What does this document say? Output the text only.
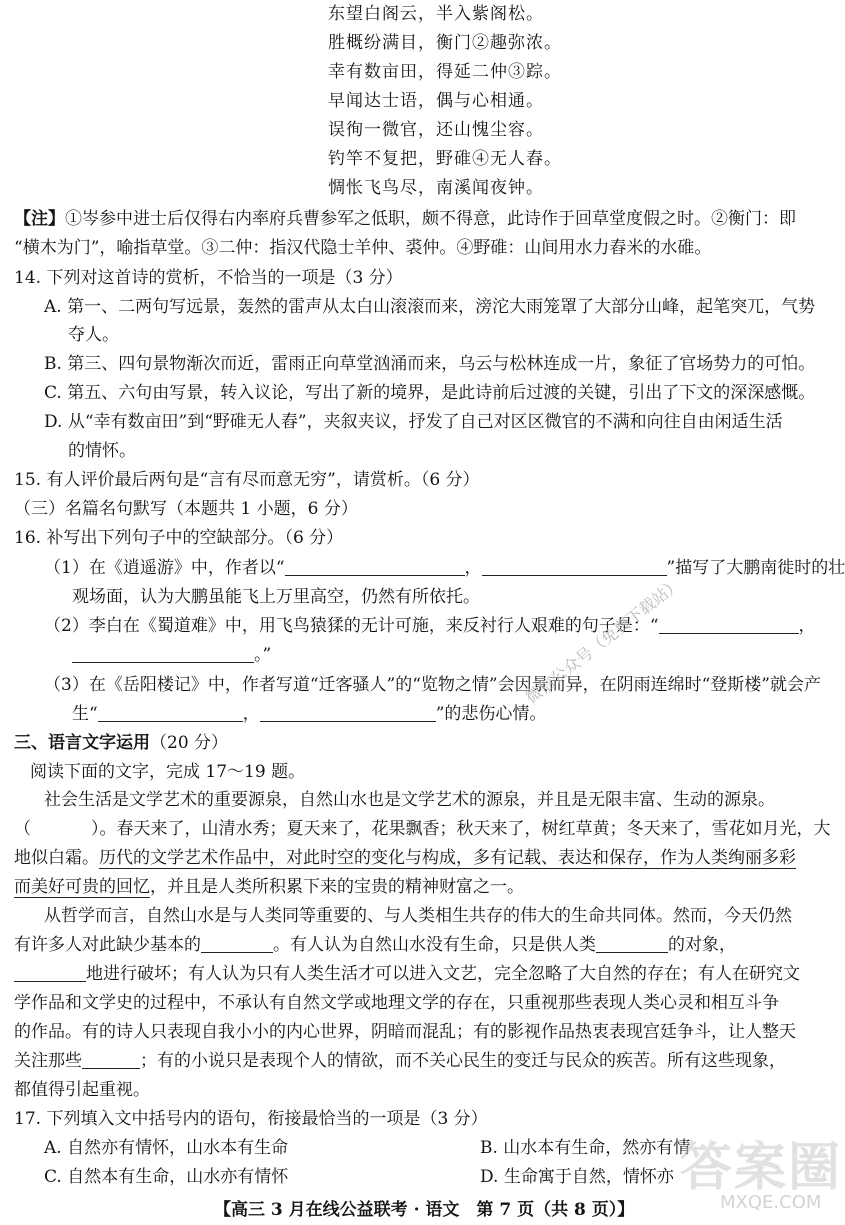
东望白阁云，半入紫阁松。
胜概纷满目，衡门②趣弥浓。
幸有数亩田，得延二仲③踪。
早闻达士语，偶与心相通。
误徇一微官，还山愧尘容。
钓竿不复把，野碓④无人舂。
惆怅飞鸟尽，南溪闻夜钟。
【注】①岑参中进士后仅得右内率府兵曹参军之低职，颇不得意，此诗作于回草堂度假之时。②衡门：即
“横木为门”，喻指草堂。③二仲：指汉代隐士羊仲、裘仲。④野碓：山间用水力舂米的水碓。
14. 下列对这首诗的赏析，不恰当的一项是（3 分）
A. 第一、二两句写远景，轰然的雷声从太白山滚滚而来，滂沱大雨笼罩了大部分山峰，起笔突兀，气势
夺人。
B. 第三、四句景物渐次而近，雷雨正向草堂汹涌而来，乌云与松林连成一片，象征了官场势力的可怕。
C. 第五、六句由写景，转入议论，写出了新的境界，是此诗前后过渡的关键，引出了下文的深深感慨。
D. 从“幸有数亩田”到“野碓无人舂”，夹叙夹议，抒发了自己对区区微官的不满和向往自由闲适生活
的情怀。
15. 有人评价最后两句是“言有尽而意无穷”，请赏析。（6 分）
（三）名篇名句默写（本题共 1 小题，6 分）
16. 补写出下列句子中的空缺部分。（6 分）
（1）在《逍遥游》中，作者以“	，	”描写了大鹏南徙时的壮
观场面，认为大鹏虽能飞上万里高空，仍然有所依托。
（2）李白在《蜀道难》中，用飞鸟猿猱的无计可施，来反衬行人艰难的句子是：“	，
。”
（3）在《岳阳楼记》中，作者写道“迁客骚人”的“览物之情”会因景而异，在阴雨连绵时“登斯楼”就会产
生“	，	”的悲伤心情。
三、语言文字运用（20 分）
阅读下面的文字，完成 17～19 题。
社会生活是文学艺术的重要源泉，自然山水也是文学艺术的源泉，并且是无限丰富、生动的源泉。
（	）。春天来了，山清水秀；夏天来了，花果飘香；秋天来了，树红草黄；冬天来了，雪花如月光，大
地似白霜。历代的文学艺术作品中，对此时空的变化与构成，多有记载、表达和保存，作为人类绚丽多彩
而美好可贵的回忆，并且是人类所积累下来的宝贵的精神财富之一。
从哲学而言，自然山水是与人类同等重要的、与人类相生共存的伟大的生命共同体。然而，今天仍然
有许多人对此缺少基本的	。有人认为自然山水没有生命，只是供人类	的对象，
地进行破坏；有人认为只有人类生活才可以进入文艺，完全忽略了大自然的存在；有人在研究文
学作品和文学史的过程中，不承认有自然文学或地理文学的存在，只重视那些表现人类心灵和相互斗争
的作品。有的诗人只表现自我小小的内心世界，阴暗而混乱；有的影视作品热衷表现宫廷争斗，让人整天
关注那些	；有的小说只是表现个人的情欲，而不关心民生的变迁与民众的疾苦。所有这些现象，
都值得引起重视。
17. 下列填入文中括号内的语句，衔接最恰当的一项是（3 分）
A. 自然亦有情怀，山水本有生命	B. 山水本有生命，然亦有情
C. 自然本有生命，山水亦有情怀	D. 生命寓于自然，情怀亦
【高三 3 月在线公益联考 · 语文　第 7 页（共 8 页）】
微信公众号（免费下载站）
答案圈
MXQE.COM
